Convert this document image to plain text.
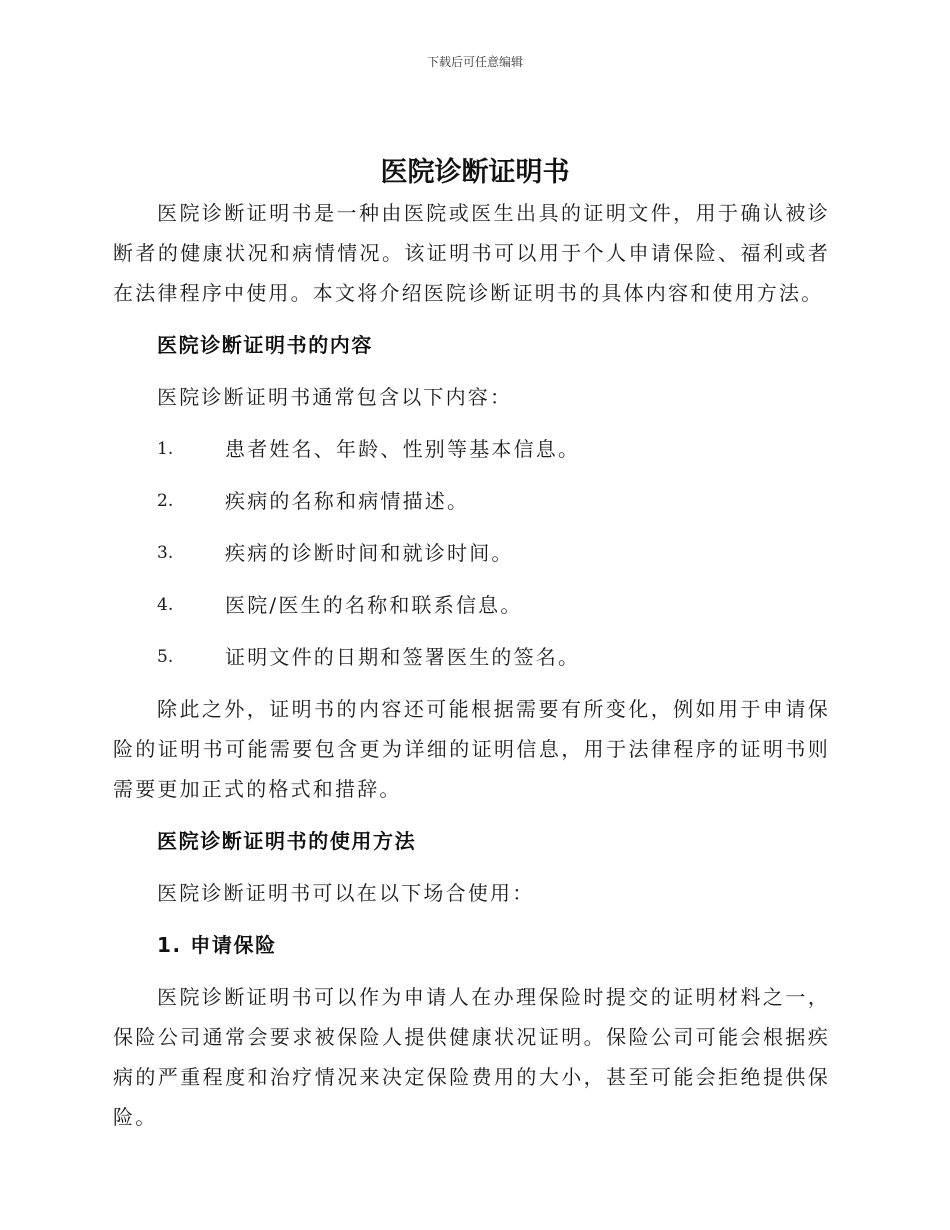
下载后可任意编辑
医院诊断证明书

医院诊断证明书是一种由医院或医生出具的证明文件，用于确认被诊断者的健康状况和病情情况。该证明书可以用于个人申请保险、福利或者在法律程序中使用。本文将介绍医院诊断证明书的具体内容和使用方法。

医院诊断证明书的内容
医院诊断证明书通常包含以下内容：
1.	患者姓名、年龄、性别等基本信息。
2.	疾病的名称和病情描述。
3.	疾病的诊断时间和就诊时间。
4.	医院/医生的名称和联系信息。
5.	证明文件的日期和签署医生的签名。

除此之外，证明书的内容还可能根据需要有所变化，例如用于申请保险的证明书可能需要包含更为详细的证明信息，用于法律程序的证明书则需要更加正式的格式和措辞。

医院诊断证明书的使用方法
医院诊断证明书可以在以下场合使用：
1. 申请保险

医院诊断证明书可以作为申请人在办理保险时提交的证明材料之一，保险公司通常会要求被保险人提供健康状况证明。保险公司可能会根据疾病的严重程度和治疗情况来决定保险费用的大小，甚至可能会拒绝提供保险。
